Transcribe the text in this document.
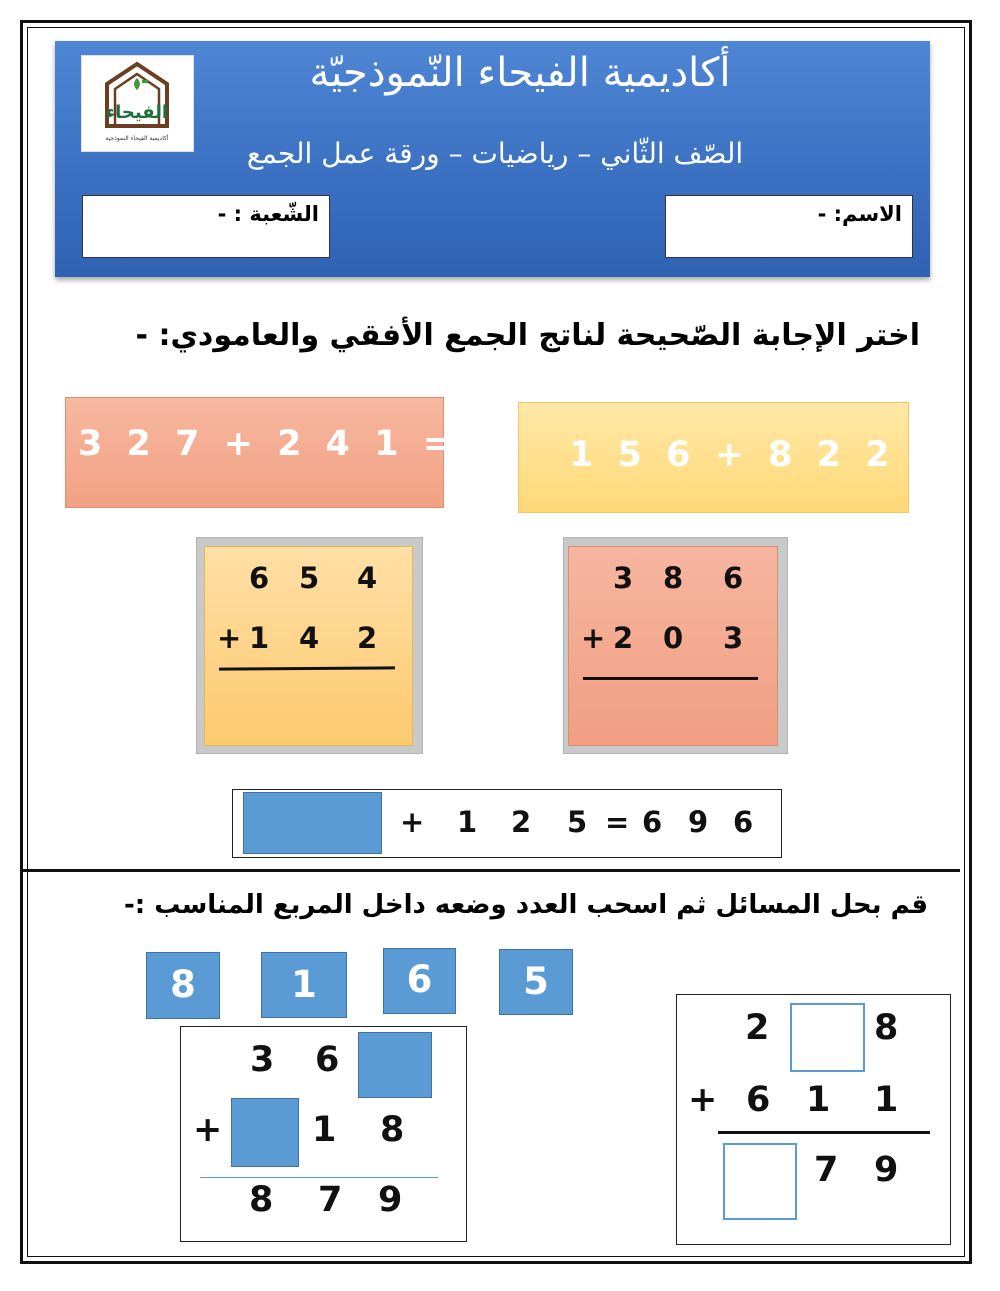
الفيحاء
أكاديمية الفيحاء النموذجية
أكاديمية الفيحاء النّموذجيّة
الصّف الثّاني – رياضيات – ورقة عمل الجمع
الاسم: -
الشّعبة : -
اختر الإجابة الصّحيحة لناتج الجمع الأفقي والعامودي: -
3 2 7 + 2 4 1 =	1 5 6 + 8 2 2 =
6 5 4
+ 1 4 2
3 8 6
+ 2 0 3
+ 1 2 5 = 6 9 6
قم بحل المسائل ثم اسحب العدد وضعه داخل المربع المناسب :-
8	1	6	5
3 6
+	1 8
8 7 9
2	8
+ 6 1 1
7 9
